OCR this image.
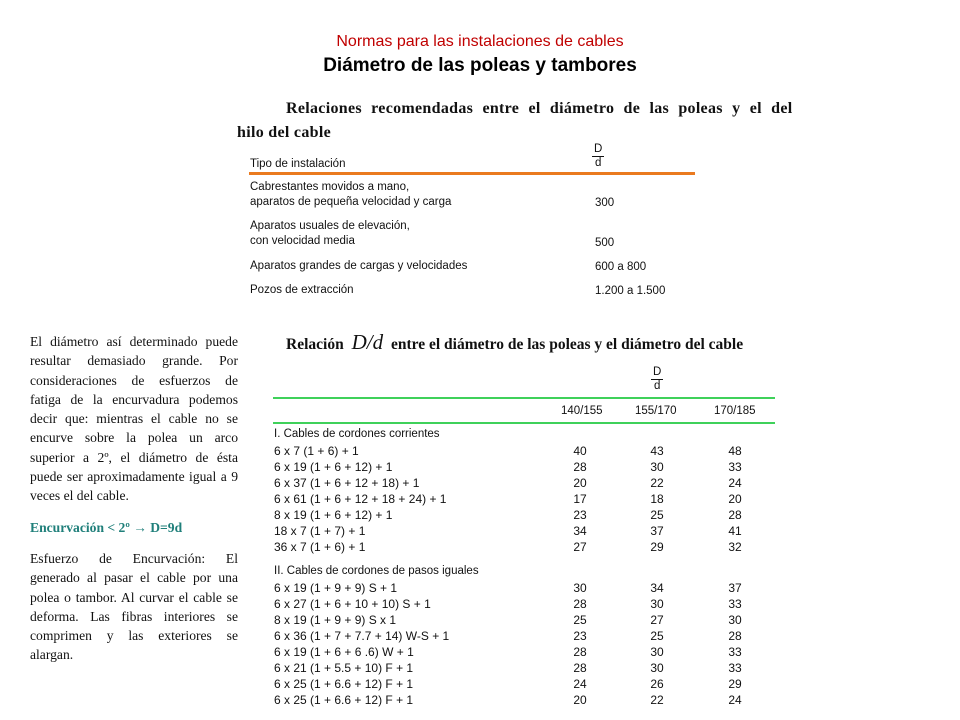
Normas para las instalaciones de cables
Diámetro de las poleas y tambores
Relaciones recomendadas entre el diámetro de las poleas y el del
hilo del cable
Tipo de instalación	$\frac{D}{d}$
Cabrestantes movidos a mano,
aparatos de pequeña velocidad y carga	300
Aparatos usuales de elevación,
con velocidad media	500
Aparatos grandes de cargas y velocidades	600 a 800
Pozos de extracción	1.200 a 1.500

El diámetro así determinado puede resultar demasiado grande. Por consideraciones de esfuerzos de fatiga de la encurvadura podemos decir que: mientras el cable no se encurve sobre la polea un arco superior a 2º, el diámetro de ésta puede ser aproximadamente igual a 9 veces el del cable.

Encurvación < 2º → D=9d

Esfuerzo de Encurvación: El generado al pasar el cable por una polea o tambor. Al curvar el cable se deforma. Las fibras interiores se comprimen y las exteriores se alargan.

Relación D/d entre el diámetro de las poleas y el diámetro del cable
$\frac{D}{d}$
140/155	155/170	170/185
I. Cables de cordones corrientes
6 x 7 (1 + 6) + 1	40	43	48
6 x 19 (1 + 6 + 12) + 1	28	30	33
6 x 37 (1 + 6 + 12 + 18) + 1	20	22	24
6 x 61 (1 + 6 + 12 + 18 + 24) + 1	17	18	20
8 x 19 (1 + 6 + 12) + 1	23	25	28
18 x 7 (1 + 7) + 1	34	37	41
36 x 7 (1 + 6) + 1	27	29	32
II. Cables de cordones de pasos iguales
6 x 19 (1 + 9 + 9) S + 1	30	34	37
6 x 27 (1 + 6 + 10 + 10) S + 1	28	30	33
8 x 19 (1 + 9 + 9) S x 1	25	27	30
6 x 36 (1 + 7 + 7.7 + 14) W-S + 1	23	25	28
6 x 19 (1 + 6 + 6 .6) W + 1	28	30	33
6 x 21 (1 + 5.5 + 10) F + 1	28	30	33
6 x 25 (1 + 6.6 + 12) F + 1	24	26	29
6 x 25 (1 + 6.6 + 12) F + 1	20	22	24
